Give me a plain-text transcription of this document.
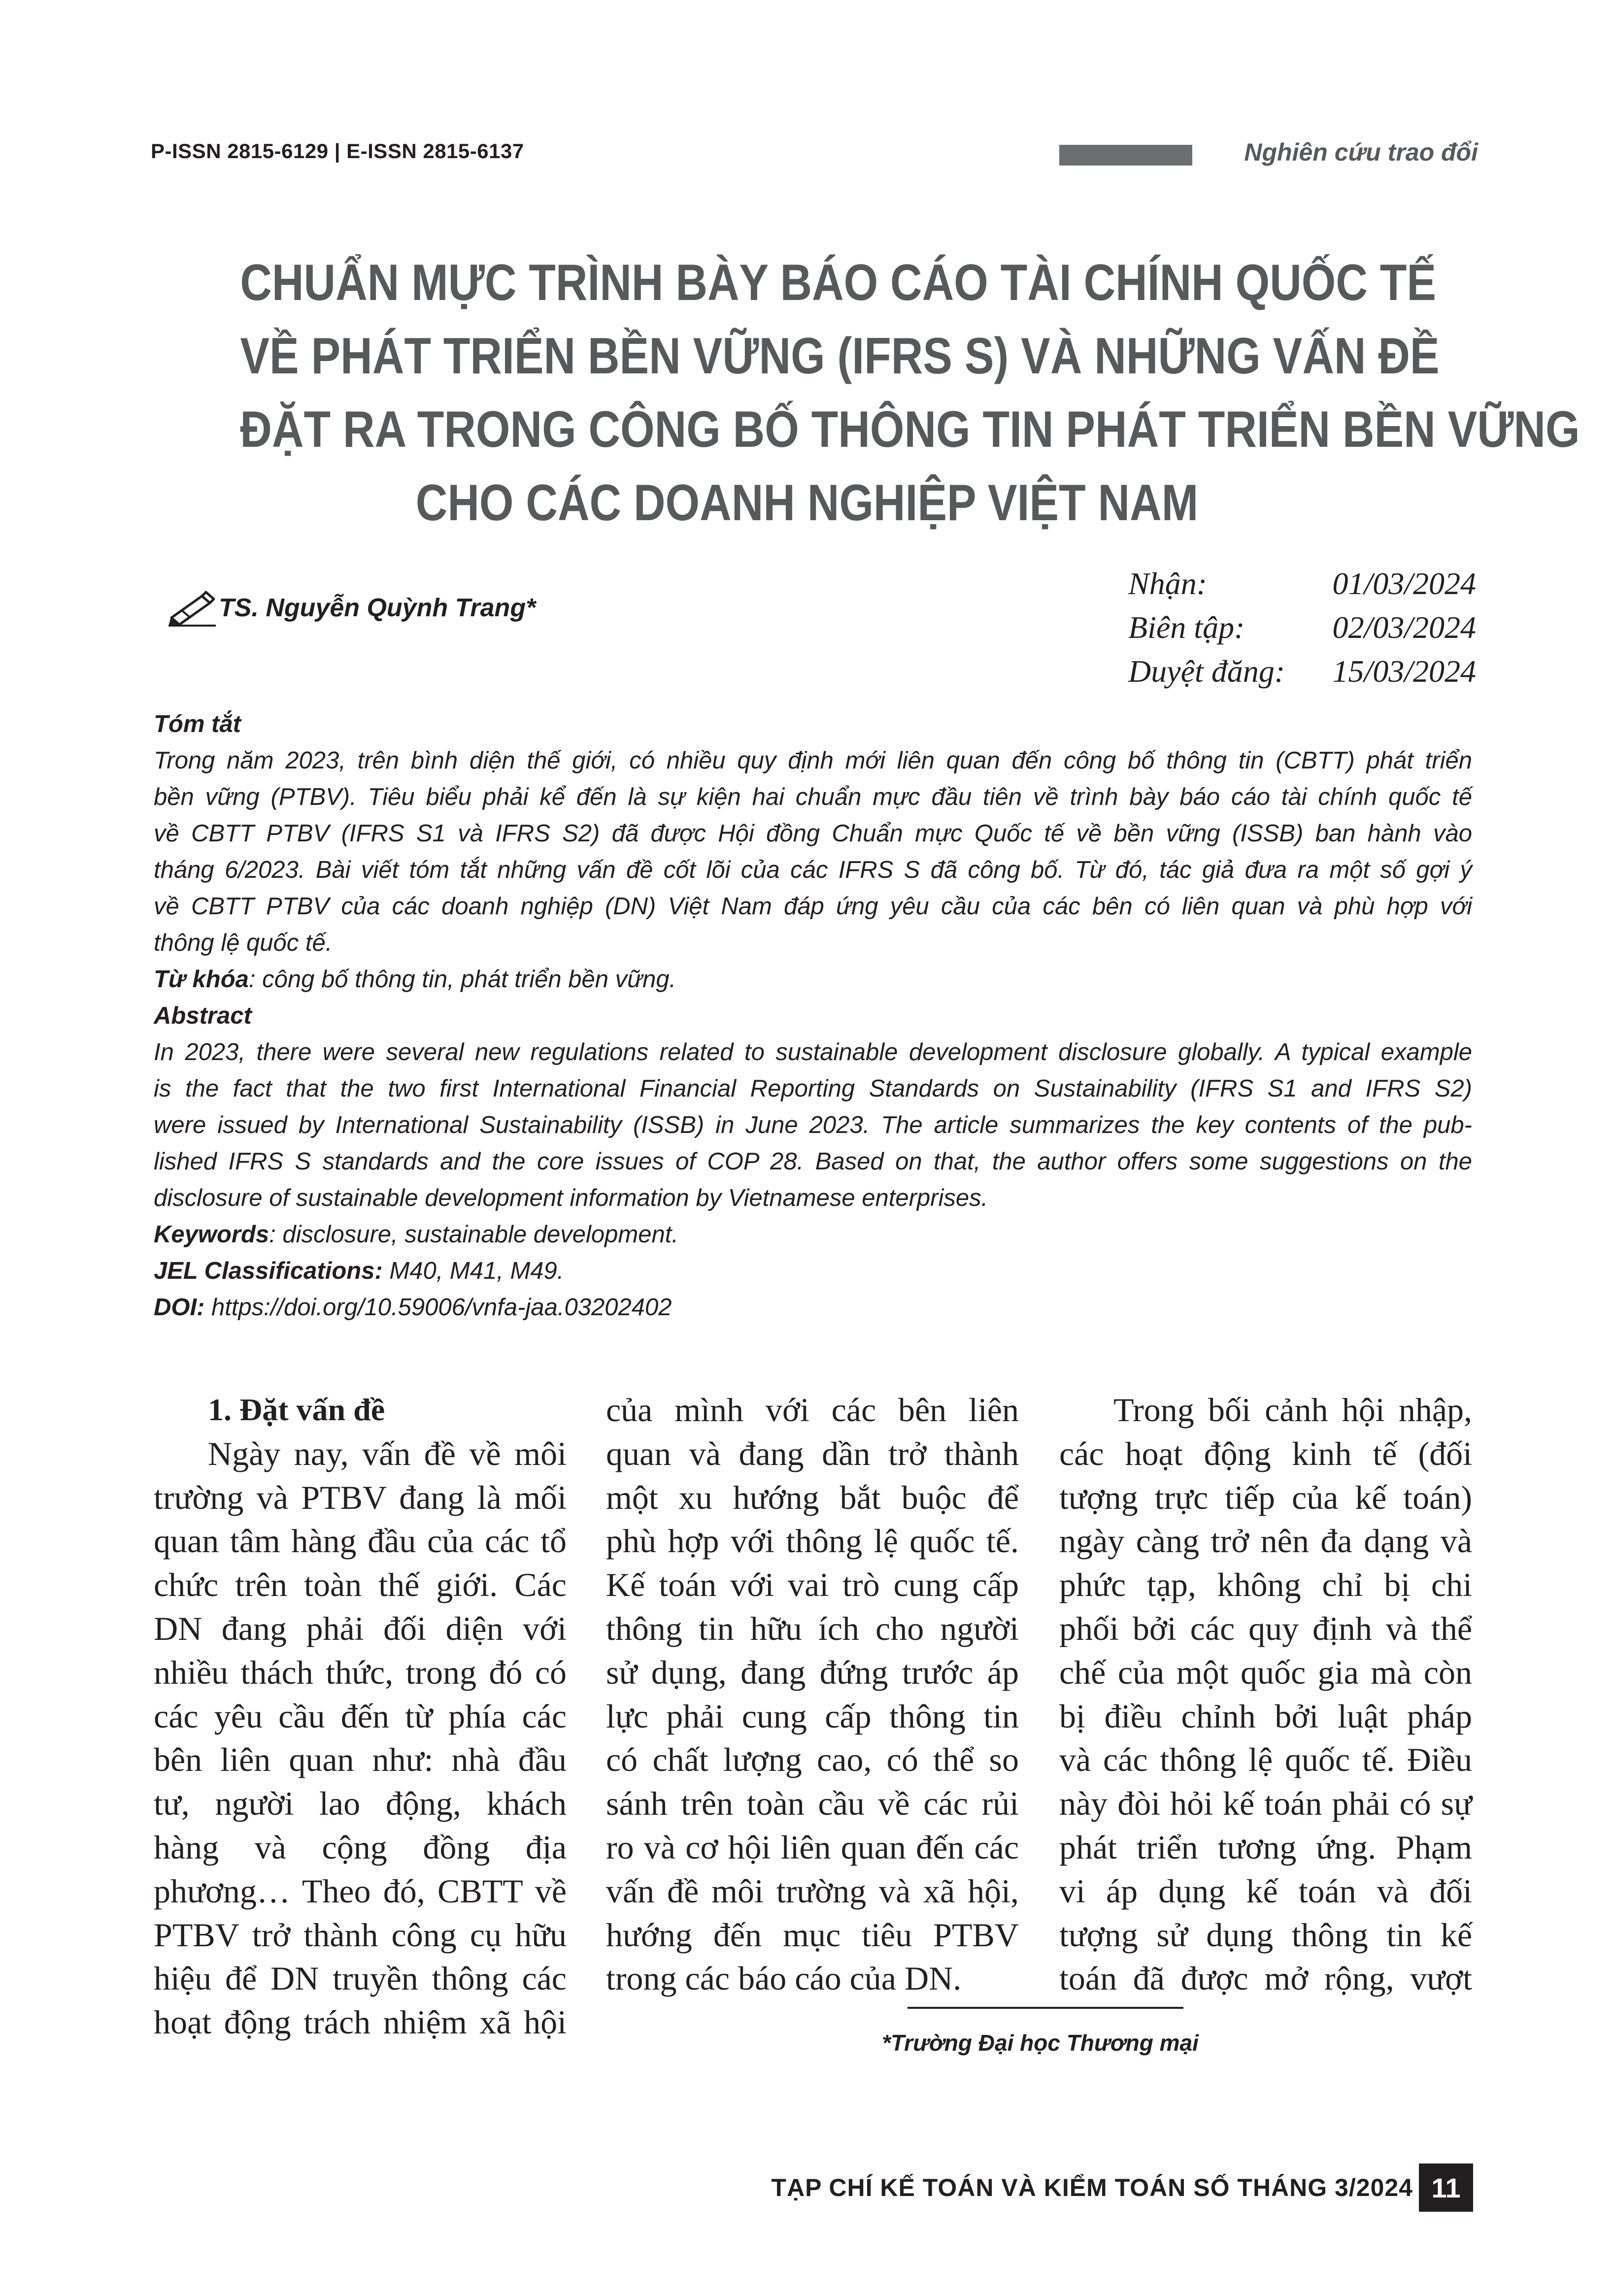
P-ISSN 2815-6129 | E-ISSN 2815-6137	Nghiên cứu trao đổi
CHUẨN MỰC TRÌNH BÀY BÁO CÁO TÀI CHÍNH QUỐC TẾ
VỀ PHÁT TRIỂN BỀN VỮNG (IFRS S) VÀ NHỮNG VẤN ĐỀ
ĐẶT RA TRONG CÔNG BỐ THÔNG TIN PHÁT TRIỂN BỀN VỮNG
CHO CÁC DOANH NGHIỆP VIỆT NAM
TS. Nguyễn Quỳnh Trang*
Nhận:	01/03/2024
Biên tập:	02/03/2024
Duyệt đăng:	15/03/2024
Tóm tắt
Trong năm 2023, trên bình diện thế giới, có nhiều quy định mới liên quan đến công bố thông tin (CBTT) phát triển
bền vững (PTBV). Tiêu biểu phải kể đến là sự kiện hai chuẩn mực đầu tiên về trình bày báo cáo tài chính quốc tế
về CBTT PTBV (IFRS S1 và IFRS S2) đã được Hội đồng Chuẩn mực Quốc tế về bền vững (ISSB) ban hành vào
tháng 6/2023. Bài viết tóm tắt những vấn đề cốt lõi của các IFRS S đã công bố. Từ đó, tác giả đưa ra một số gợi ý
về CBTT PTBV của các doanh nghiệp (DN) Việt Nam đáp ứng yêu cầu của các bên có liên quan và phù hợp với
thông lệ quốc tế.
Từ khóa: công bố thông tin, phát triển bền vững.
Abstract
In 2023, there were several new regulations related to sustainable development disclosure globally. A typical example
is the fact that the two first International Financial Reporting Standards on Sustainability (IFRS S1 and IFRS S2)
were issued by International Sustainability (ISSB) in June 2023. The article summarizes the key contents of the pub-
lished IFRS S standards and the core issues of COP 28. Based on that, the author offers some suggestions on the
disclosure of sustainable development information by Vietnamese enterprises.
Keywords: disclosure, sustainable development.
JEL Classifications: M40, M41, M49.
DOI: https://doi.org/10.59006/vnfa-jaa.03202402
1. Đặt vấn đề
Ngày nay, vấn đề về môi
trường và PTBV đang là mối
quan tâm hàng đầu của các tổ
chức trên toàn thế giới. Các
DN đang phải đối diện với
nhiều thách thức, trong đó có
các yêu cầu đến từ phía các
bên liên quan như: nhà đầu
tư, người lao động, khách
hàng và cộng đồng địa
phương… Theo đó, CBTT về
PTBV trở thành công cụ hữu
hiệu để DN truyền thông các
hoạt động trách nhiệm xã hội
của mình với các bên liên
quan và đang dần trở thành
một xu hướng bắt buộc để
phù hợp với thông lệ quốc tế.
Kế toán với vai trò cung cấp
thông tin hữu ích cho người
sử dụng, đang đứng trước áp
lực phải cung cấp thông tin
có chất lượng cao, có thể so
sánh trên toàn cầu về các rủi
ro và cơ hội liên quan đến các
vấn đề môi trường và xã hội,
hướng đến mục tiêu PTBV
trong các báo cáo của DN.
Trong bối cảnh hội nhập,
các hoạt động kinh tế (đối
tượng trực tiếp của kế toán)
ngày càng trở nên đa dạng và
phức tạp, không chỉ bị chi
phối bởi các quy định và thể
chế của một quốc gia mà còn
bị điều chỉnh bởi luật pháp
và các thông lệ quốc tế. Điều
này đòi hỏi kế toán phải có sự
phát triển tương ứng. Phạm
vi áp dụng kế toán và đối
tượng sử dụng thông tin kế
toán đã được mở rộng, vượt
*Trường Đại học Thương mại
TẠP CHÍ KẾ TOÁN VÀ KIỂM TOÁN SỐ THÁNG 3/2024 11
